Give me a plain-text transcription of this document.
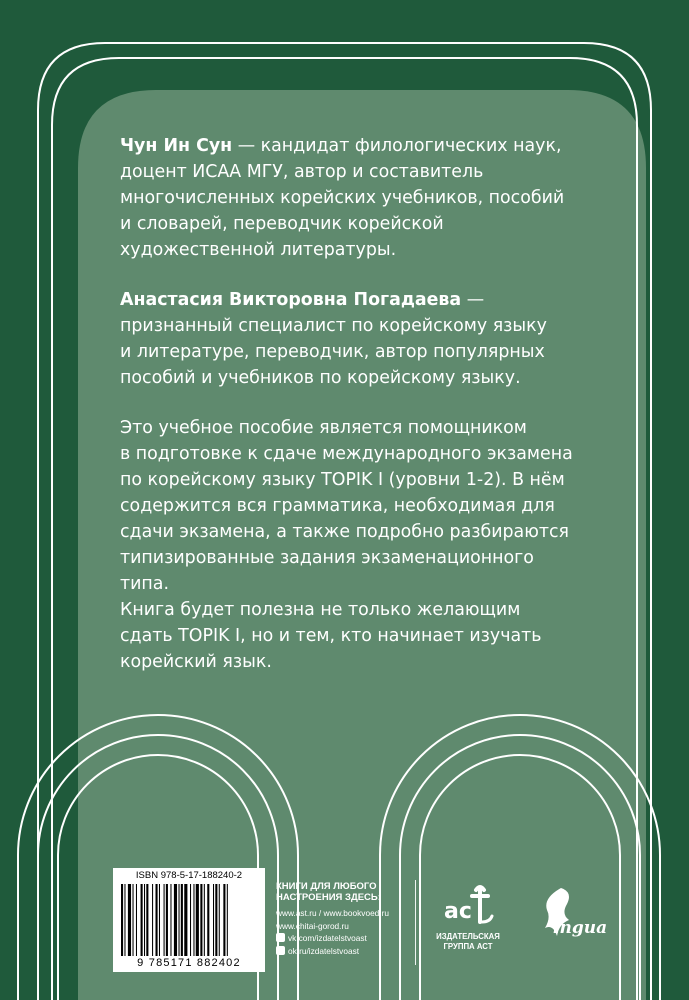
Чун Ин Сун — кандидат филологических наук,

доцент ИСАА МГУ, автор и составитель

многочисленных корейских учебников, пособий

и словарей, переводчик корейской

художественной литературы.

Анастасия Викторовна Погадаева —

признанный специалист по корейскому языку

и литературе, переводчик, автор популярных

пособий и учебников по корейскому языку.

Это учебное пособие является помощником

в подготовке к сдаче международного экзамена

по корейскому языку TOPIK I (уровни 1-2). В нём

содержится вся грамматика, необходимая для

сдачи экзамена, а также подробно разбираются

типизированные задания экзаменационного

типа.

Книга будет полезна не только желающим

сдать TOPIK I, но и тем, кто начинает изучать

корейский язык.

ISBN 978-5-17-188240-2
9 785171 882402
КНИГИ ДЛЯ ЛЮБОГО НАСТРОЕНИЯ ЗДЕСЬ:
www.ast.ru / www.bookvoed.ru
www.chitai-gorod.ru
vk.com/izdatelstvoast
ok.ru/izdatelstvoast
ac
ИЗДАТЕЛЬСКАЯ ГРУППА АСТ
ingua
